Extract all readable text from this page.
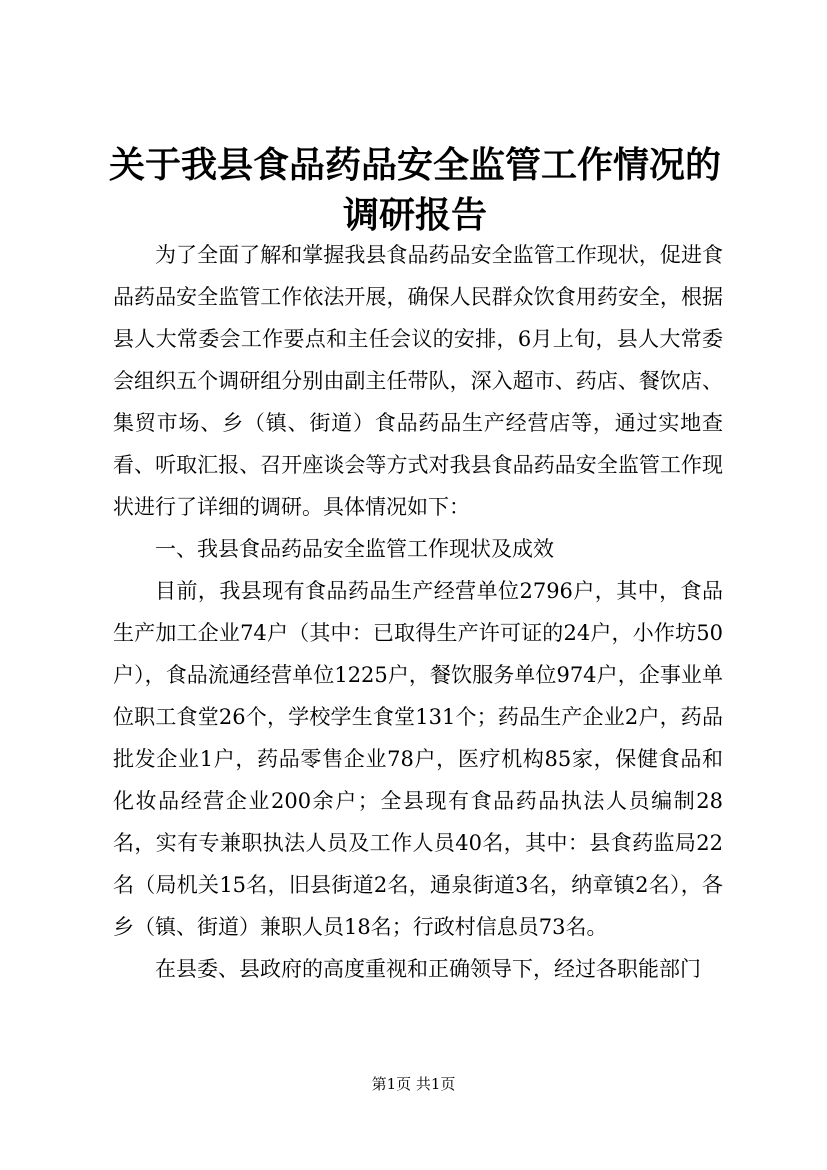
关于我县食品药品安全监管工作情况的调研报告

为了全面了解和掌握我县食品药品安全监管工作现状，促进食品药品安全监管工作依法开展，确保人民群众饮食用药安全，根据县人大常委会工作要点和主任会议的安排，6月上旬，县人大常委会组织五个调研组分别由副主任带队，深入超市、药店、餐饮店、集贸市场、乡（镇、街道）食品药品生产经营店等，通过实地查看、听取汇报、召开座谈会等方式对我县食品药品安全监管工作现状进行了详细的调研。具体情况如下：

一、我县食品药品安全监管工作现状及成效

目前，我县现有食品药品生产经营单位2796户，其中，食品生产加工企业74户（其中：已取得生产许可证的24户，小作坊50户），食品流通经营单位1225户，餐饮服务单位974户，企事业单位职工食堂26个，学校学生食堂131个；药品生产企业2户，药品批发企业1户，药品零售企业78户，医疗机构85家，保健食品和化妆品经营企业200余户；全县现有食品药品执法人员编制28名，实有专兼职执法人员及工作人员40名，其中：县食药监局22名（局机关15名，旧县街道2名，通泉街道3名，纳章镇2名），各乡（镇、街道）兼职人员18名；行政村信息员73名。

在县委、县政府的高度重视和正确领导下，经过各职能部门

第1页 共1页
